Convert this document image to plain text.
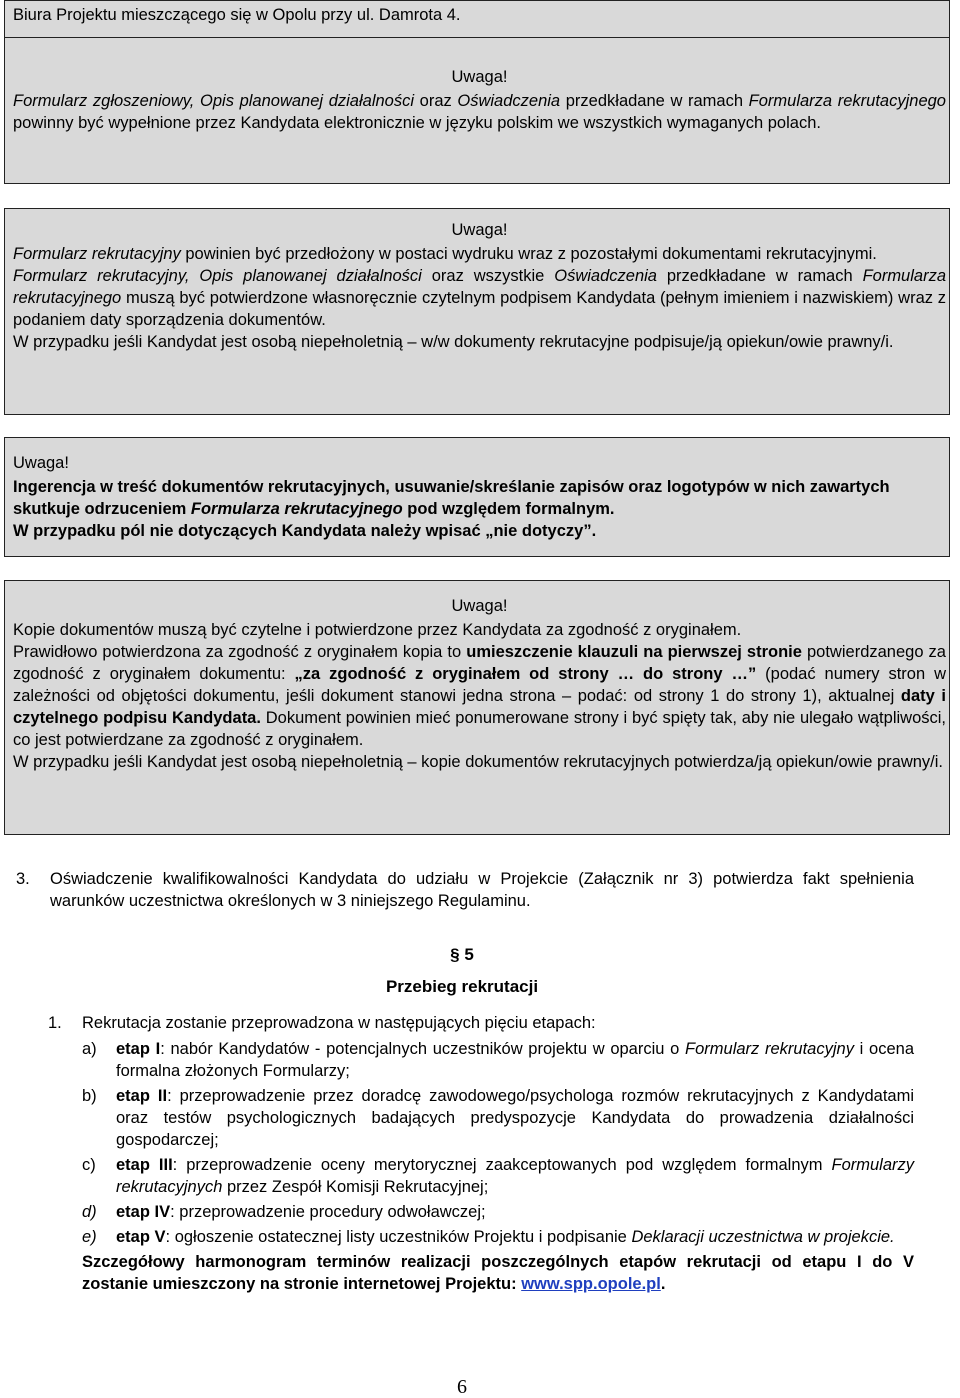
Biura Projektu mieszczącego się w Opolu przy ul. Damrota 4.

Uwaga!

Formularz zgłoszeniowy, Opis planowanej działalności oraz Oświadczenia przedkładane w ramach Formularza rekrutacyjnego powinny być wypełnione przez Kandydata elektronicznie w języku polskim we wszystkich wymaganych polach.

Uwaga!

Formularz rekrutacyjny powinien być przedłożony w postaci wydruku wraz z pozostałymi dokumentami rekrutacyjnymi.

Formularz rekrutacyjny, Opis planowanej działalności oraz wszystkie Oświadczenia przedkładane w ramach Formularza rekrutacyjnego muszą być potwierdzone własnoręcznie czytelnym podpisem Kandydata (pełnym imieniem i nazwiskiem) wraz z podaniem daty sporządzenia dokumentów.

W przypadku jeśli Kandydat jest osobą niepełnoletnią – w/w dokumenty rekrutacyjne podpisuje/ją opiekun/owie prawny/i.

Uwaga!

Ingerencja w treść dokumentów rekrutacyjnych, usuwanie/skreślanie zapisów oraz logotypów w nich zawartych skutkuje odrzuceniem Formularza rekrutacyjnego pod względem formalnym.

W przypadku pól nie dotyczących Kandydata należy wpisać „nie dotyczy”.

Uwaga!

Kopie dokumentów muszą być czytelne i potwierdzone przez Kandydata za zgodność z oryginałem.

Prawidłowo potwierdzona za zgodność z oryginałem kopia to umieszczenie klauzuli na pierwszej stronie potwierdzanego za zgodność z oryginałem dokumentu: „za zgodność z oryginałem od strony … do strony …” (podać numery stron w zależności od objętości dokumentu, jeśli dokument stanowi jedna strona – podać: od strony 1 do strony 1), aktualnej daty i czytelnego podpisu Kandydata. Dokument powinien mieć ponumerowane strony i być spięty tak, aby nie ulegało wątpliwości, co jest potwierdzane za zgodność z oryginałem.

W przypadku jeśli Kandydat jest osobą niepełnoletnią – kopie dokumentów rekrutacyjnych potwierdza/ją opiekun/owie prawny/i.

3.	Oświadczenie kwalifikowalności Kandydata do udziału w Projekcie (Załącznik nr 3) potwierdza fakt spełnienia warunków uczestnictwa określonych w 3 niniejszego Regulaminu.
§ 5
Przebieg rekrutacji
1.	Rekrutacja zostanie przeprowadzona w następujących pięciu etapach:
a)	etap I: nabór Kandydatów - potencjalnych uczestników projektu w oparciu o Formularz rekrutacyjny i ocena formalna złożonych Formularzy;
b)	etap II: przeprowadzenie przez doradcę zawodowego/psychologa rozmów rekrutacyjnych z Kandydatami oraz testów psychologicznych badających predyspozycje Kandydata do prowadzenia działalności gospodarczej;
c)	etap III: przeprowadzenie oceny merytorycznej zaakceptowanych pod względem formalnym Formularzy rekrutacyjnych przez Zespół Komisji Rekrutacyjnej;
d)	etap IV: przeprowadzenie procedury odwoławczej;
e)	etap V: ogłoszenie ostatecznej listy uczestników Projektu i podpisanie Deklaracji uczestnictwa w projekcie.
Szczegółowy harmonogram terminów realizacji poszczególnych etapów rekrutacji od etapu I do V zostanie umieszczony na stronie internetowej Projektu: www.spp.opole.pl.
6
